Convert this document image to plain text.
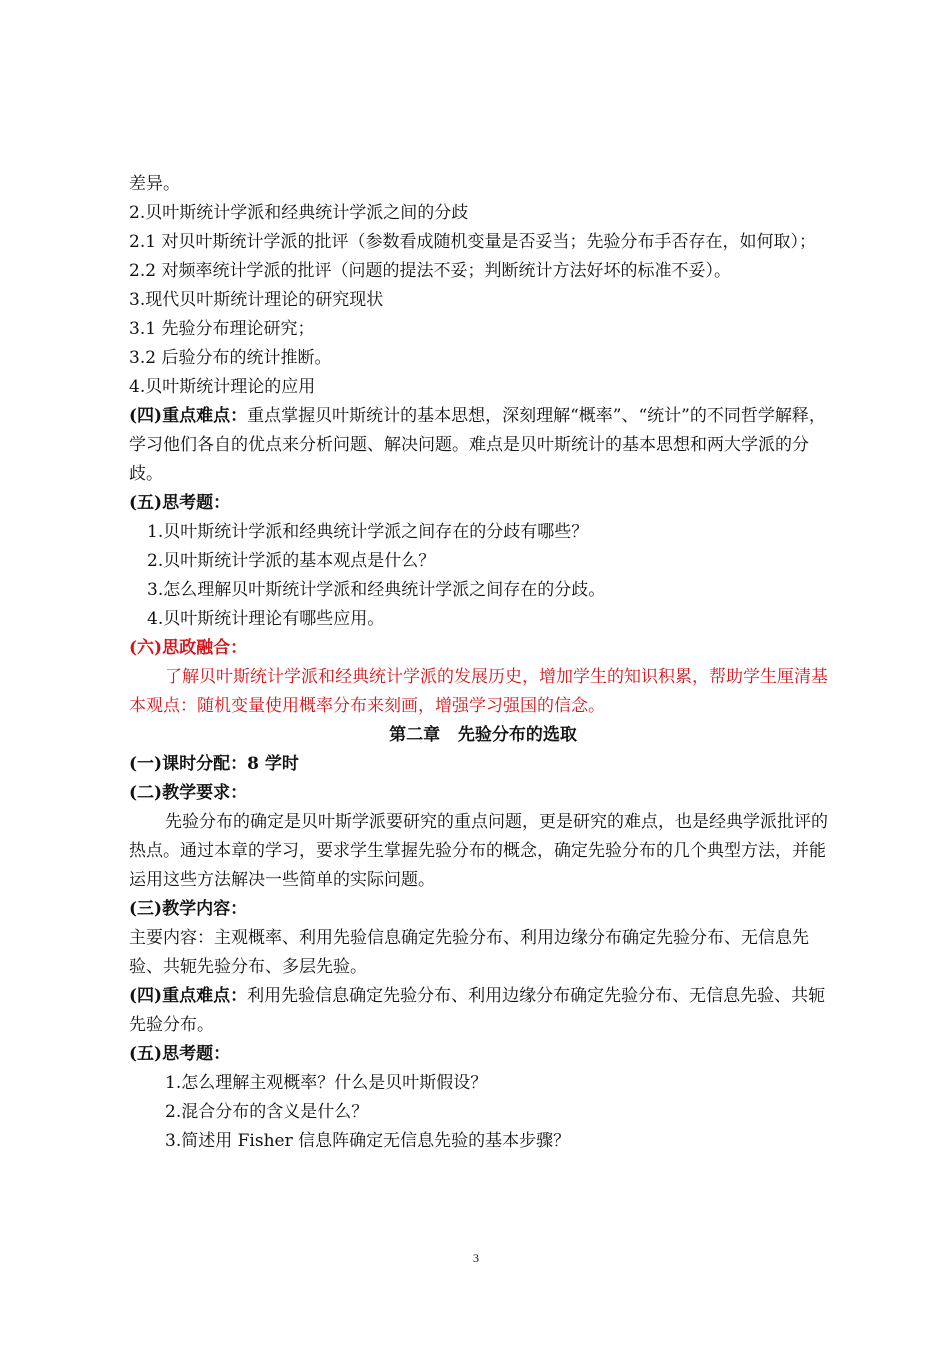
差异。

2.贝叶斯统计学派和经典统计学派之间的分歧

2.1 对贝叶斯统计学派的批评（参数看成随机变量是否妥当；先验分布手否存在，如何取）；

2.2 对频率统计学派的批评（问题的提法不妥；判断统计方法好坏的标准不妥）。

3.现代贝叶斯统计理论的研究现状

3.1 先验分布理论研究；

3.2 后验分布的统计推断。

4.贝叶斯统计理论的应用

(四)重点难点：重点掌握贝叶斯统计的基本思想，深刻理解“概率”、“统计”的不同哲学解释，学习他们各自的优点来分析问题、解决问题。难点是贝叶斯统计的基本思想和两大学派的分歧。

(五)思考题：

1.贝叶斯统计学派和经典统计学派之间存在的分歧有哪些？

2.贝叶斯统计学派的基本观点是什么？

3.怎么理解贝叶斯统计学派和经典统计学派之间存在的分歧。

4.贝叶斯统计理论有哪些应用。

(六)思政融合：

了解贝叶斯统计学派和经典统计学派的发展历史，增加学生的知识积累，帮助学生厘清基本观点：随机变量使用概率分布来刻画，增强学习强国的信念。

第二章   先验分布的选取

(一)课时分配：8 学时

(二)教学要求：

先验分布的确定是贝叶斯学派要研究的重点问题，更是研究的难点，也是经典学派批评的热点。通过本章的学习，要求学生掌握先验分布的概念，确定先验分布的几个典型方法，并能运用这些方法解决一些简单的实际问题。

(三)教学内容：

主要内容：主观概率、利用先验信息确定先验分布、利用边缘分布确定先验分布、无信息先验、共轭先验分布、多层先验。

(四)重点难点：利用先验信息确定先验分布、利用边缘分布确定先验分布、无信息先验、共轭先验分布。

(五)思考题：

1.怎么理解主观概率？什么是贝叶斯假设？

2.混合分布的含义是什么？

3.简述用 Fisher 信息阵确定无信息先验的基本步骤？

3
